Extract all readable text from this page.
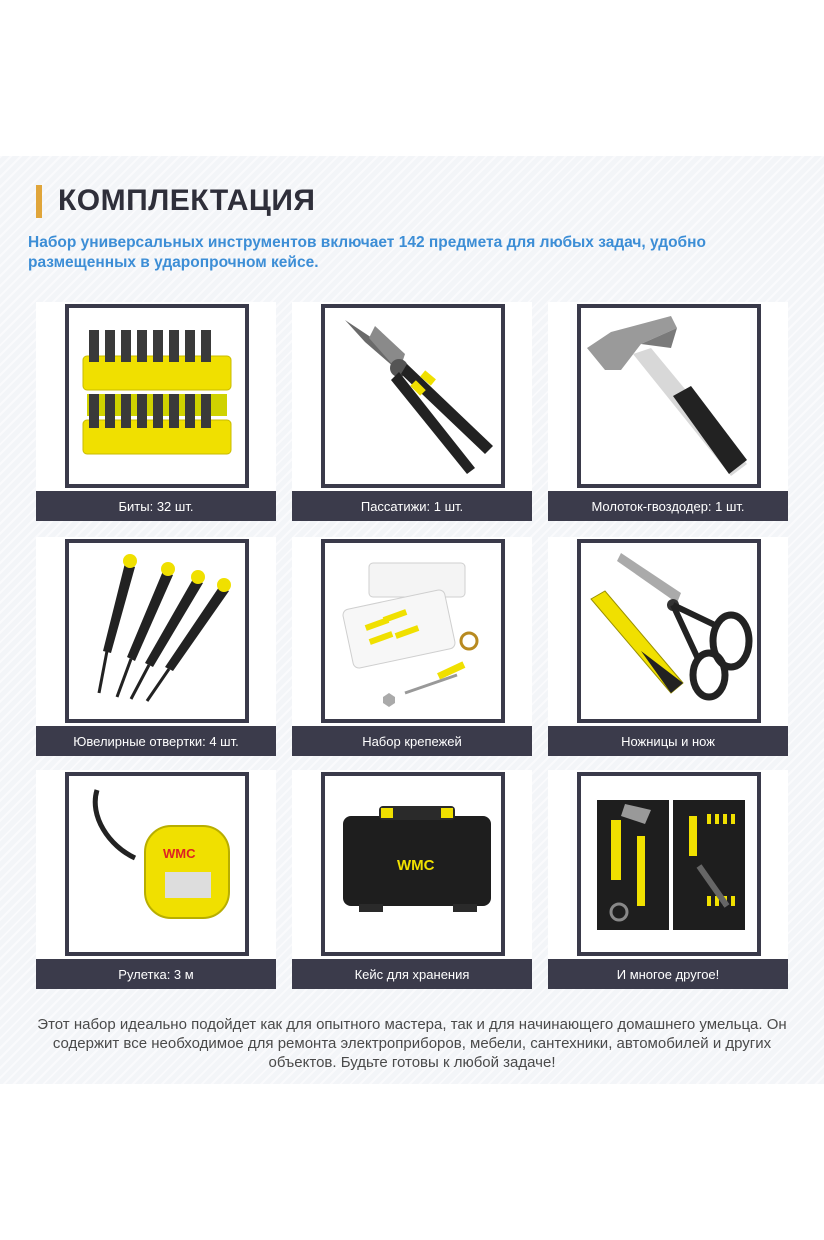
КОМПЛЕКТАЦИЯ
Набор универсальных инструментов включает 142 предмета для любых задач, удобно размещенных в ударопрочном кейсе.
Биты: 32 шт.	Пассатижи: 1 шт.	Молоток-гвоздодер: 1 шт.
Ювелирные отвертки: 4 шт.	Набор крепежей	Ножницы и нож
WMC
Рулетка: 3 м
WMC
Кейс для хранения	И многое другое!
Этот набор идеально подойдет как для опытного мастера, так и для начинающего домашнего умельца. Он содержит все необходимое для ремонта электроприборов, мебели, сантехники, автомобилей и других объектов. Будьте готовы к любой задаче!
